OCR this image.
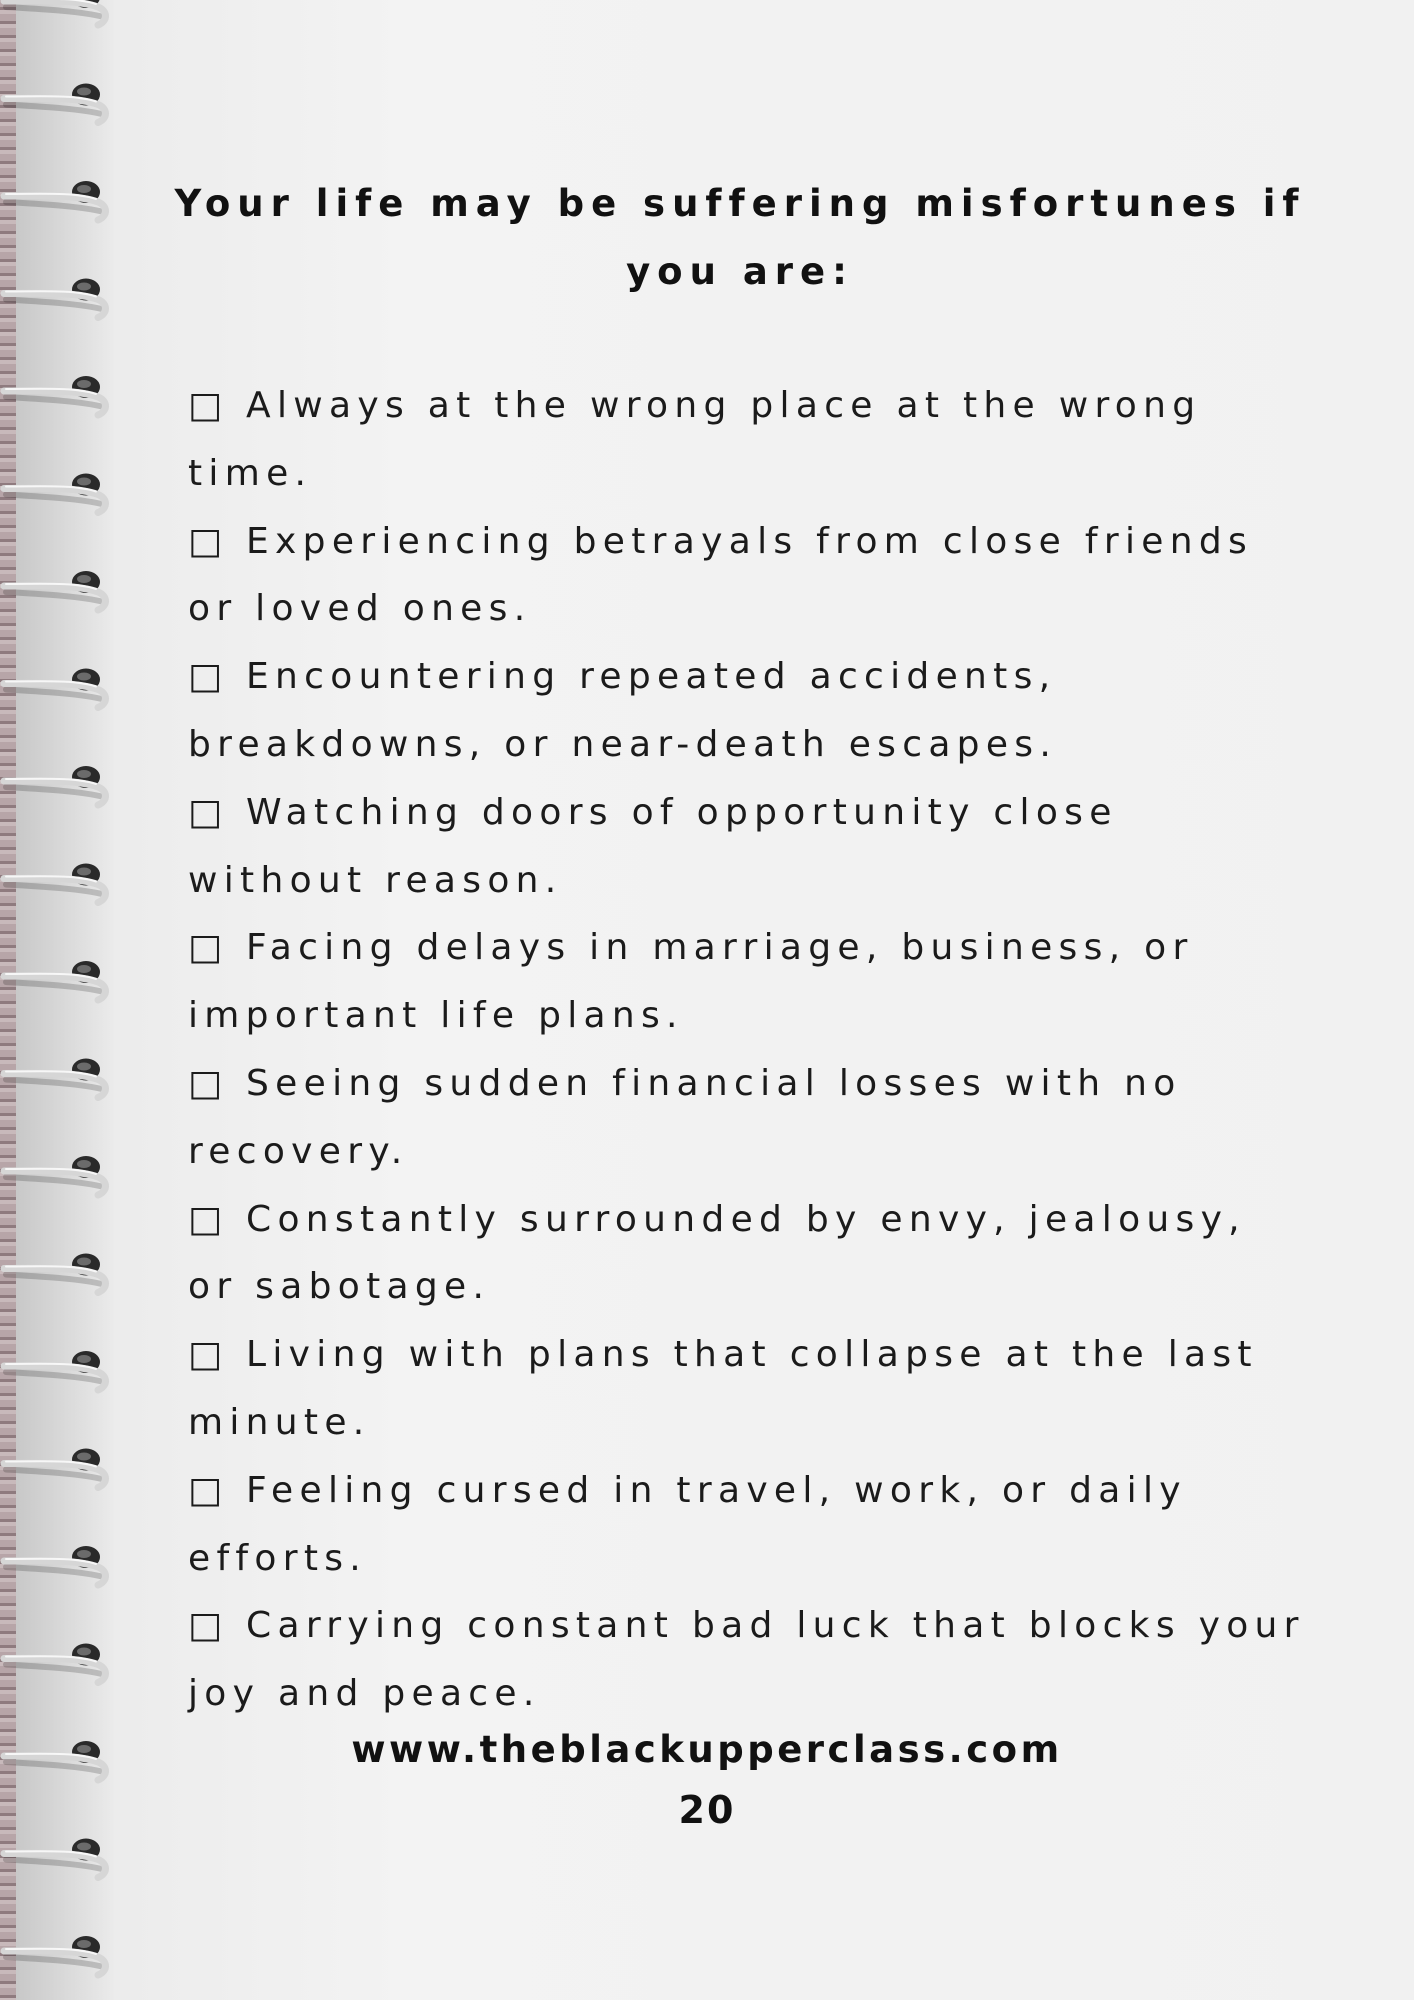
Your life may be suffering misfortunes if you are:

□ Always at the wrong place at the wrong time.

□ Experiencing betrayals from close friends or loved ones.

□ Encountering repeated accidents, breakdowns, or near-death escapes.

□ Watching doors of opportunity close without reason.

□ Facing delays in marriage, business, or important life plans.

□ Seeing sudden financial losses with no recovery.

□ Constantly surrounded by envy, jealousy, or sabotage.

□ Living with plans that collapse at the last minute.

□ Feeling cursed in travel, work, or daily efforts.

□ Carrying constant bad luck that blocks your joy and peace.

www.theblackupperclass.com
20
